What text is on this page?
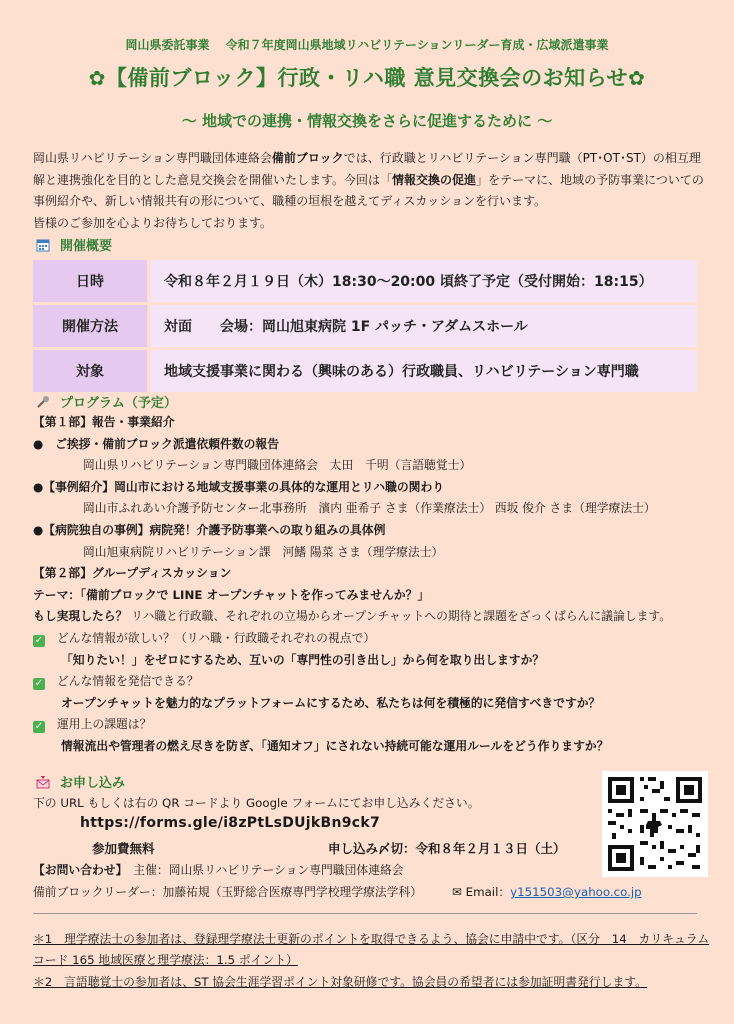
岡山県委託事業　 令和７年度岡山県地域リハビリテーションリーダー育成・広域派遣事業
✿【備前ブロック】行政・リハ職 意見交換会のお知らせ✿
〜 地域での連携・情報交換をさらに促進するために 〜
岡山県リハビリテーション専門職団体連絡会備前ブロックでは、行政職とリハビリテーション専門職（PT･OT･ST）の相互理解と連携強化を目的とした意見交換会を開催いたします。今回は「情報交換の促進」をテーマに、地域の予防事業についての事例紹介や、新しい情報共有の形について、職種の垣根を越えてディスカッションを行います。
皆様のご参加を心よりお待ちしております。
開催概要
日時	令和８年２月１９日（木）18:30〜20:00 頃終了予定（受付開始：18:15）
開催方法	対面　　会場：岡山旭東病院 1F パッチ・アダムスホール
対象	地域支援事業に関わる（興味のある）行政職員、リハビリテーション専門職
プログラム（予定）
【第１部】報告・事業紹介
●　ご挨拶・備前ブロック派遣依頼件数の報告
岡山県リハビリテーション専門職団体連絡会　太田　千明（言語聴覚士）
●【事例紹介】岡山市における地域支援事業の具体的な運用とリハ職の関わり
岡山市ふれあい介護予防センター北事務所　濱内 亜希子 さま（作業療法士） 西坂 俊介 さま（理学療法士）
●【病院独自の事例】病院発！介護予防事業への取り組みの具体例
岡山旭東病院リハビリテーション課　河鰭 陽菜 さま（理学療法士）
【第２部】グループディスカッション
テーマ：「備前ブロックで LINE オープンチャットを作ってみませんか？」
もし実現したら？ リハ職と行政職、それぞれの立場からオープンチャットへの期待と課題をざっくばらんに議論します。
✓ どんな情報が欲しい？（リハ職・行政職それぞれの視点で）
「知りたい！」をゼロにするため、互いの「専門性の引き出し」から何を取り出しますか？
✓ どんな情報を発信できる？
オープンチャットを魅力的なプラットフォームにするため、私たちは何を積極的に発信すべきですか？
✓ 運用上の課題は？
情報流出や管理者の燃え尽きを防ぎ、「通知オフ」にされない持続可能な運用ルールをどう作りますか？
お申し込み
下の URL もしくは右の QR コードより Google フォームにてお申し込みください。
https://forms.gle/i8zPtLsDUjkBn9ck7
参加費無料	申し込み〆切：令和８年２月１３日（土）
【お問い合わせ】　 主催：岡山県リハビリテーション専門職団体連絡会
備前ブロックリーダー：加藤祐規（玉野総合医療専門学校理学療法学科）	✉ Email：y151503@yahoo.co.jp
＊1　理学療法士の参加者は、登録理学療法士更新のポイントを取得できるよう、協会に申請中です。（区分　14　カリキュラムコード 165 地域医療と理学療法：1.5 ポイント）
＊2　言語聴覚士の参加者は、ST 協会生涯学習ポイント対象研修です。協会員の希望者には参加証明書発行します。
